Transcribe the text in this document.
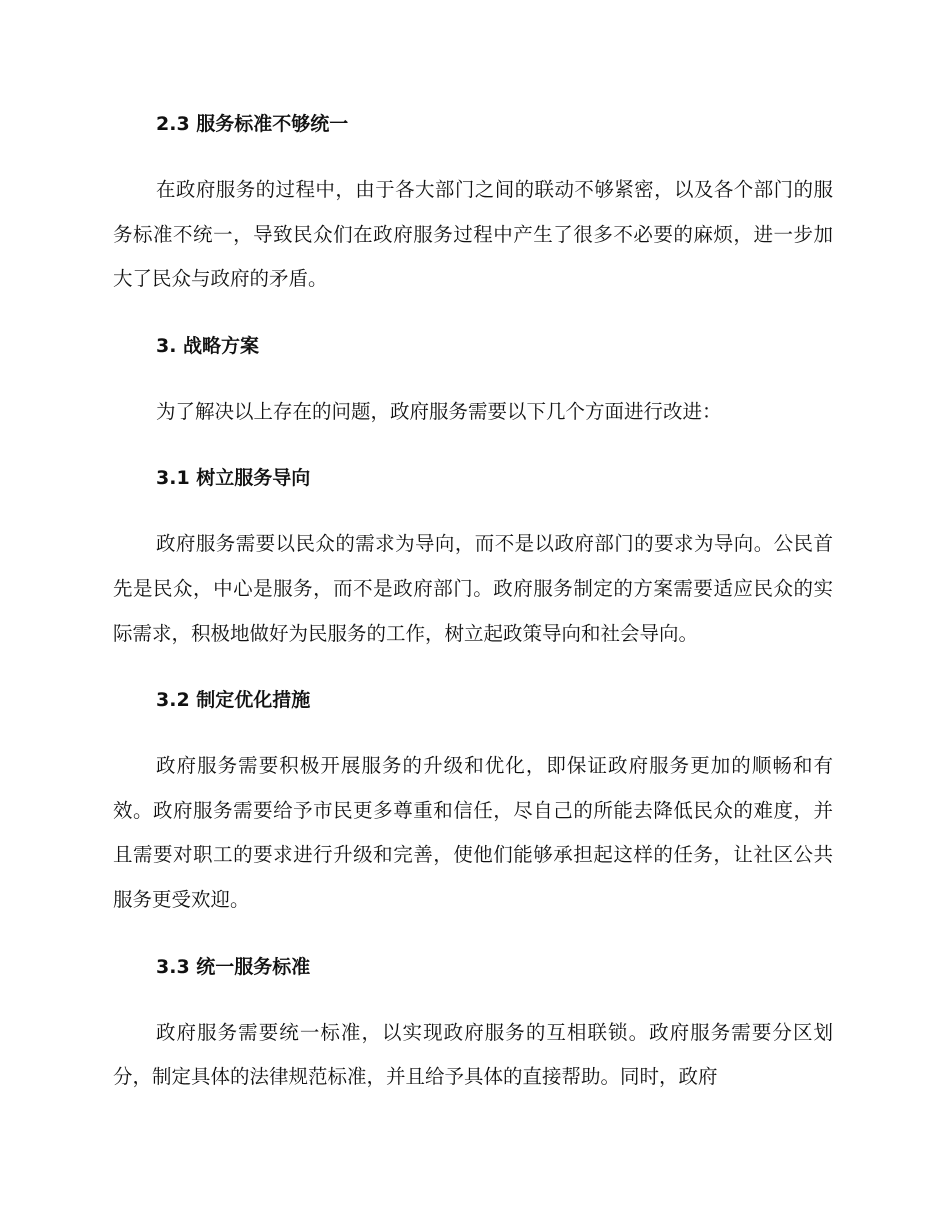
2.3 服务标准不够统一

在政府服务的过程中，由于各大部门之间的联动不够紧密，以及各个部门的服务标准不统一，导致民众们在政府服务过程中产生了很多不必要的麻烦，进一步加大了民众与政府的矛盾。

3. 战略方案

为了解决以上存在的问题，政府服务需要以下几个方面进行改进：

3.1 树立服务导向

政府服务需要以民众的需求为导向，而不是以政府部门的要求为导向。公民首先是民众，中心是服务，而不是政府部门。政府服务制定的方案需要适应民众的实际需求，积极地做好为民服务的工作，树立起政策导向和社会导向。

3.2 制定优化措施

政府服务需要积极开展服务的升级和优化，即保证政府服务更加的顺畅和有效。政府服务需要给予市民更多尊重和信任，尽自己的所能去降低民众的难度，并且需要对职工的要求进行升级和完善，使他们能够承担起这样的任务，让社区公共服务更受欢迎。

3.3 统一服务标准

政府服务需要统一标准，以实现政府服务的互相联锁。政府服务需要分区划分，制定具体的法律规范标准，并且给予具体的直接帮助。同时，政府
